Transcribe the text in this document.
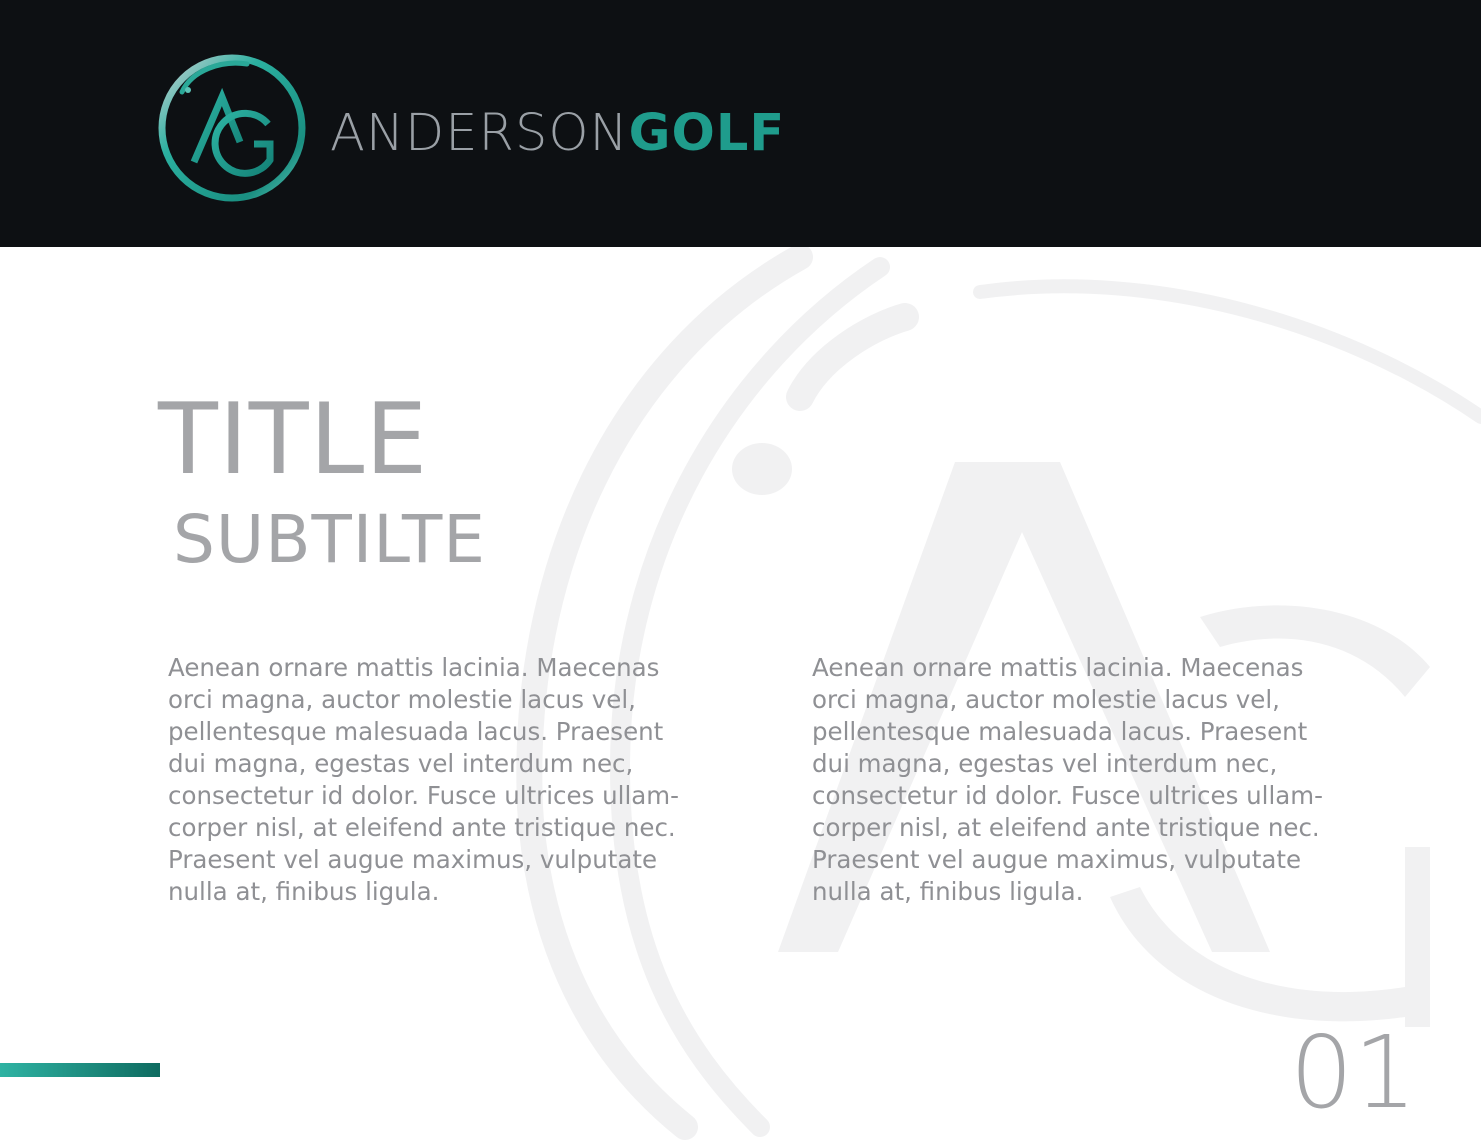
ANDERSONGOLF
TITLE
SUBTILTE
Aenean ornare mattis lacinia. Maecenas
orci magna, auctor molestie lacus vel,
pellentesque malesuada lacus. Praesent
dui magna, egestas vel interdum nec,
consectetur id dolor. Fusce ultrices ullam-
corper nisl, at eleifend ante tristique nec.
Praesent vel augue maximus, vulputate
nulla at, finibus ligula.
Aenean ornare mattis lacinia. Maecenas
orci magna, auctor molestie lacus vel,
pellentesque malesuada lacus. Praesent
dui magna, egestas vel interdum nec,
consectetur id dolor. Fusce ultrices ullam-
corper nisl, at eleifend ante tristique nec.
Praesent vel augue maximus, vulputate
nulla at, finibus ligula.
01
